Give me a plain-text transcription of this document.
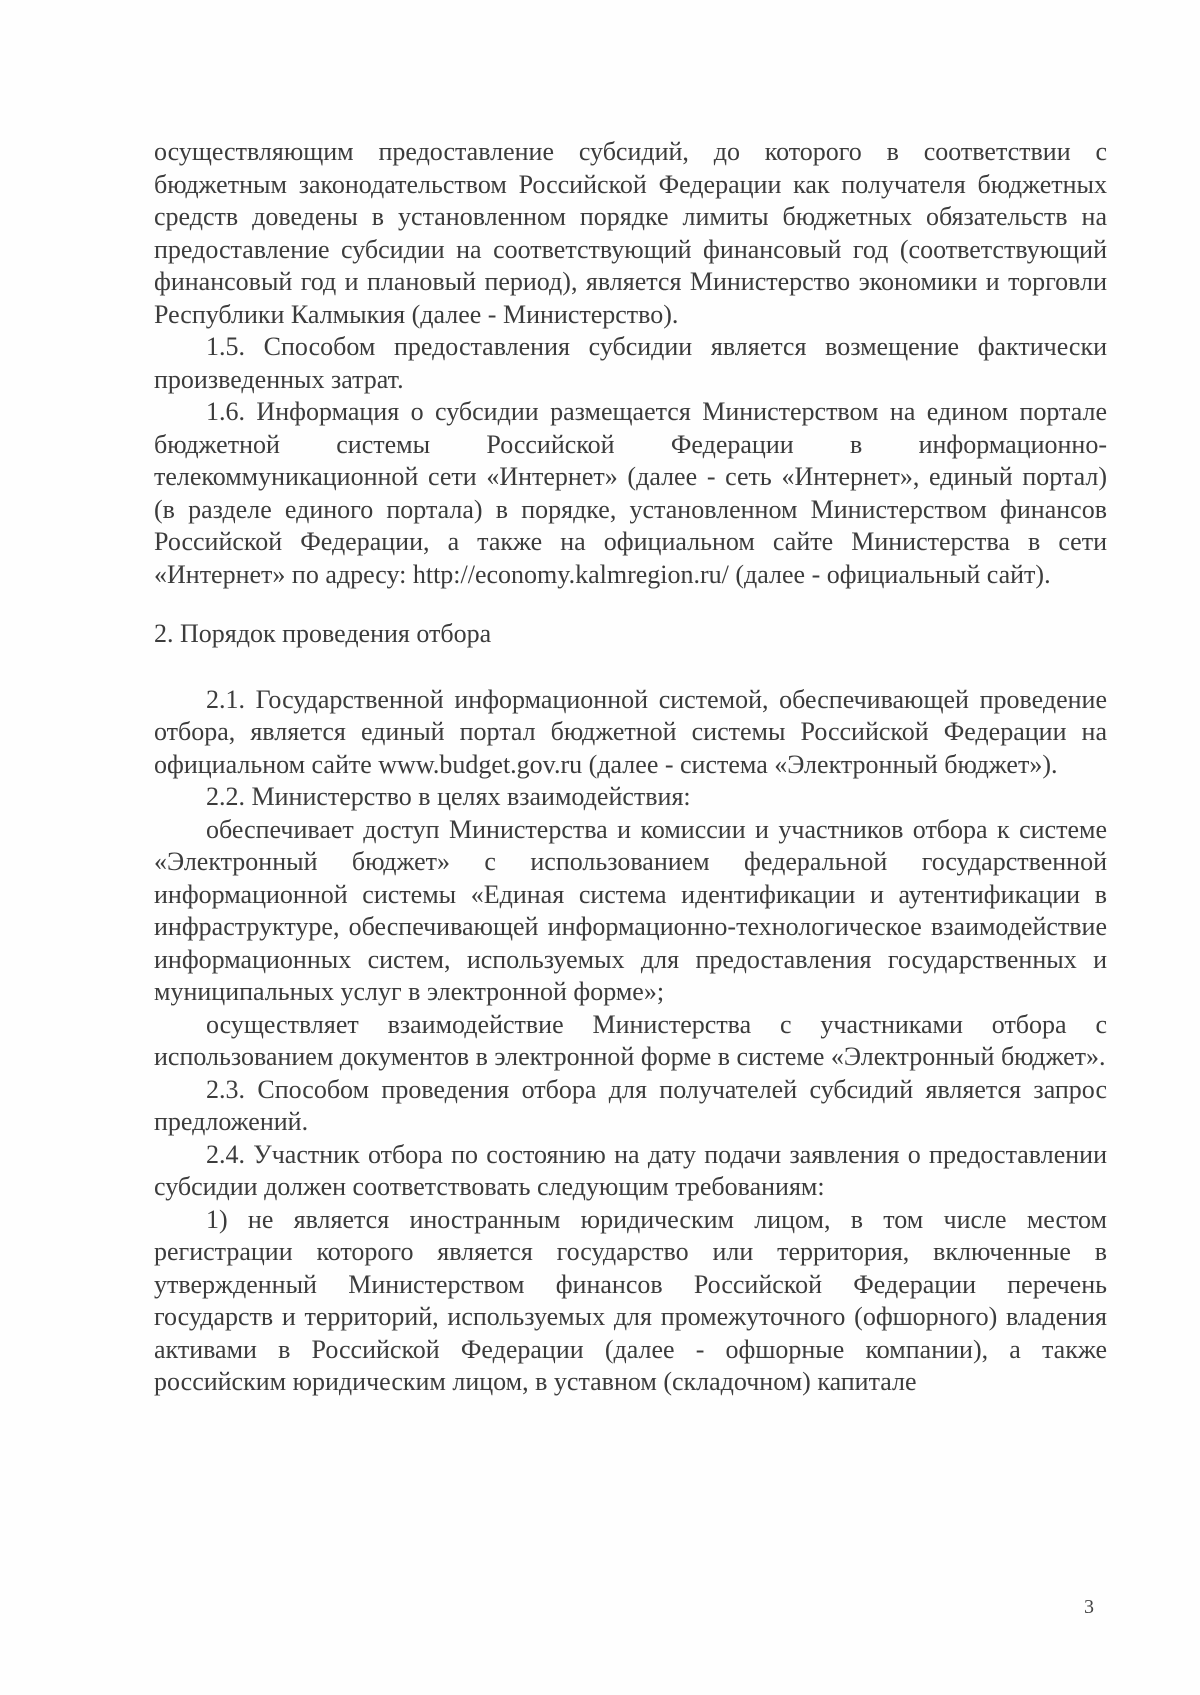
осуществляющим предоставление субсидий, до которого в соответствии с бюджетным законодательством Российской Федерации как получателя бюджетных средств доведены в установленном порядке лимиты бюджетных обязательств на предоставление субсидии на соответствующий финансовый год (соответствующий финансовый год и плановый период), является Министерство экономики и торговли Республики Калмыкия (далее - Министерство).

1.5. Способом предоставления субсидии является возмещение фактически произведенных затрат.

1.6. Информация о субсидии размещается Министерством на едином портале бюджетной системы Российской Федерации в информационно-телекоммуникационной сети «Интернет» (далее - сеть «Интернет», единый портал) (в разделе единого портала) в порядке, установленном Министерством финансов Российской Федерации, а также на официальном сайте Министерства в сети «Интернет» по адресу: http://economy.kalmregion.ru/ (далее - официальный сайт).

2. Порядок проведения отбора

2.1. Государственной информационной системой, обеспечивающей проведение отбора, является единый портал бюджетной системы Российской Федерации на официальном сайте www.budget.gov.ru (далее - система «Электронный бюджет»).

2.2. Министерство в целях взаимодействия:

обеспечивает доступ Министерства и комиссии и участников отбора к системе «Электронный бюджет» с использованием федеральной государственной информационной системы «Единая система идентификации и аутентификации в инфраструктуре, обеспечивающей информационно-технологическое взаимодействие информационных систем, используемых для предоставления государственных и муниципальных услуг в электронной форме»;

осуществляет взаимодействие Министерства с участниками отбора с использованием документов в электронной форме в системе «Электронный бюджет».

2.3. Способом проведения отбора для получателей субсидий является запрос предложений.

2.4. Участник отбора по состоянию на дату подачи заявления о предоставлении субсидии должен соответствовать следующим требованиям:

1) не является иностранным юридическим лицом, в том числе местом регистрации которого является государство или территория, включенные в утвержденный Министерством финансов Российской Федерации перечень государств и территорий, используемых для промежуточного (офшорного) владения активами в Российской Федерации (далее - офшорные компании), а также российским юридическим лицом, в уставном (складочном) капитале

3
